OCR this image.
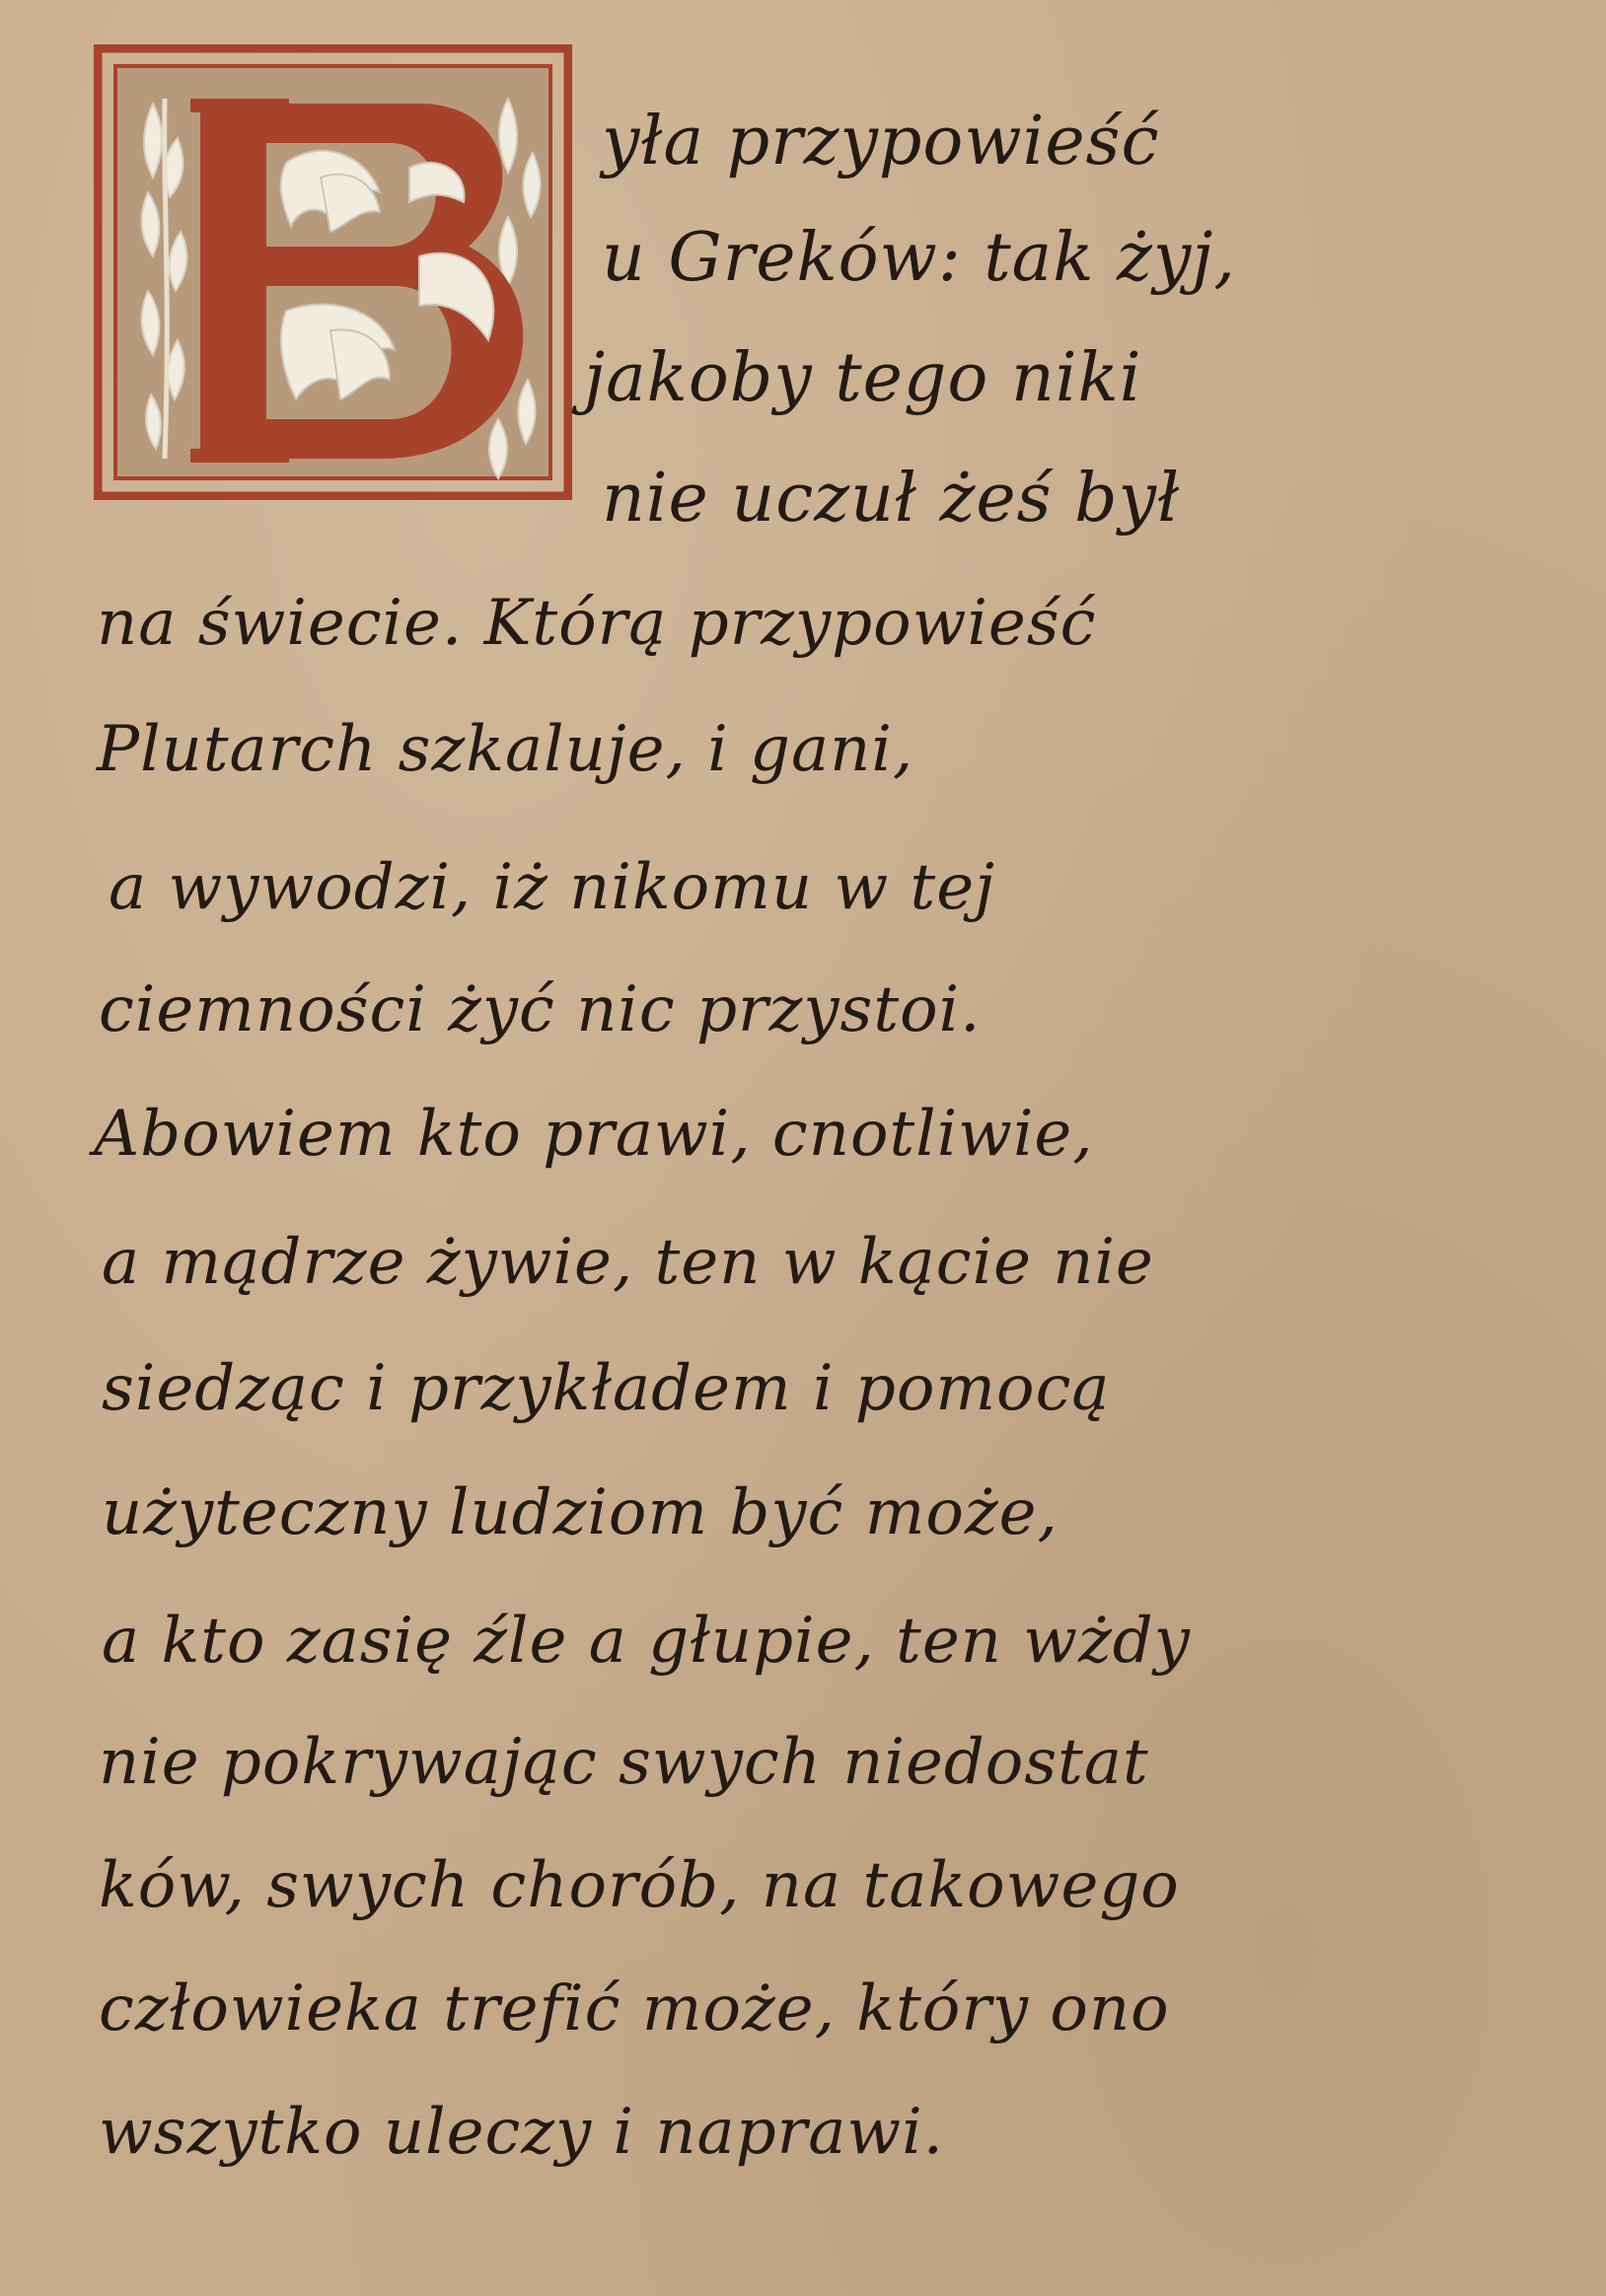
yła przypowieść
u Greków: tak żyj,
jakoby tego niki
nie uczuł żeś był
na świecie. Którą przypowieść
Plutarch szkaluje, i gani,
a wywodzi, iż nikomu w tej
ciemności żyć nic przystoi.
Abowiem kto prawi, cnotliwie,
a mądrze żywie, ten w kącie nie
siedząc i przykładem i pomocą
użyteczny ludziom być może,
a kto zasię źle a głupie, ten wżdy
nie pokrywając swych niedostat
ków, swych chorób, na takowego
człowieka trefić może, który ono
wszytko uleczy i naprawi.
